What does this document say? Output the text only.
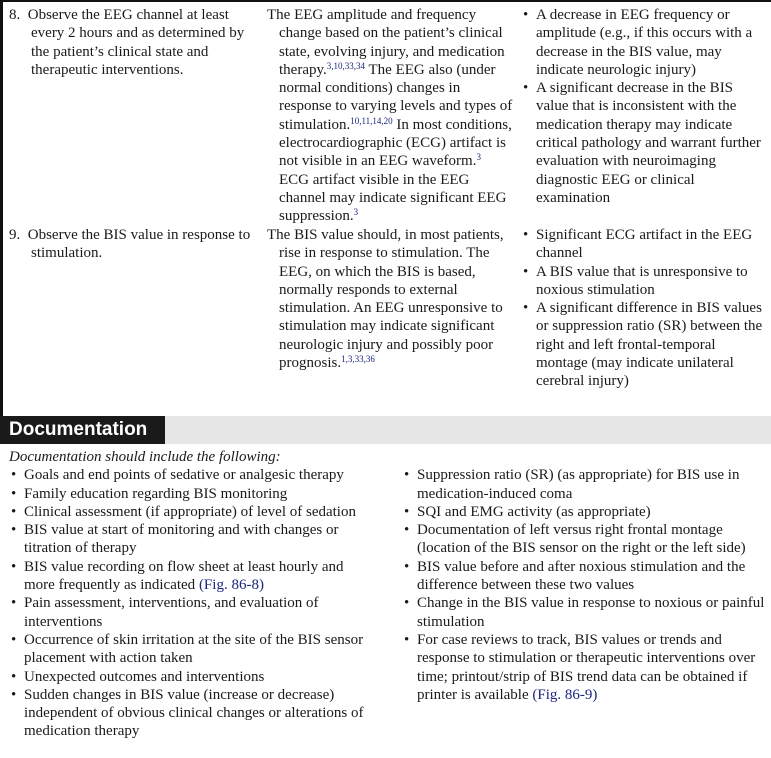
8. Observe the EEG channel at least every 2 hours and as determined by the patient’s clinical state and therapeutic interventions.

The EEG amplitude and frequency change based on the patient’s clinical state, evolving injury, and medication therapy.$^{3,10,33,34}$ The EEG also (under normal conditions) changes in response to varying levels and types of stimulation.$^{10,11,14,20}$ In most conditions, electrocardiographic (ECG) artifact is not visible in an EEG waveform.$^3$ ECG artifact visible in the EEG channel may indicate significant EEG suppression.$^3$

• A decrease in EEG frequency or amplitude (e.g., if this occurs with a decrease in the BIS value, may indicate neurologic injury)
• A significant decrease in the BIS value that is inconsistent with the medication therapy may indicate critical pathology and warrant further evaluation with neuroimaging diagnostic EEG or clinical examination

9. Observe the BIS value in response to stimulation.

The BIS value should, in most patients, rise in response to stimulation. The EEG, on which the BIS is based, normally responds to external stimulation. An EEG unresponsive to stimulation may indicate significant neurologic injury and possibly poor prognosis.$^{1,3,33,36}$

• Significant ECG artifact in the EEG channel
• A BIS value that is unresponsive to noxious stimulation
• A significant difference in BIS values or suppression ratio (SR) between the right and left frontal-temporal montage (may indicate unilateral cerebral injury)
Documentation
Documentation should include the following:
• Goals and end points of sedative or analgesic therapy
• Family education regarding BIS monitoring
• Clinical assessment (if appropriate) of level of sedation
• BIS value at start of monitoring and with changes or titration of therapy
• BIS value recording on flow sheet at least hourly and more frequently as indicated (Fig. 86-8)
• Pain assessment, interventions, and evaluation of interventions
• Occurrence of skin irritation at the site of the BIS sensor placement with action taken
• Unexpected outcomes and interventions
• Sudden changes in BIS value (increase or decrease) independent of obvious clinical changes or alterations of medication therapy
• Suppression ratio (SR) (as appropriate) for BIS use in medication-induced coma
• SQI and EMG activity (as appropriate)
• Documentation of left versus right frontal montage (location of the BIS sensor on the right or the left side)
• BIS value before and after noxious stimulation and the difference between these two values
• Change in the BIS value in response to noxious or painful stimulation
• For case reviews to track, BIS values or trends and response to stimulation or therapeutic interventions over time; printout/strip of BIS trend data can be obtained if printer is available (Fig. 86-9)
